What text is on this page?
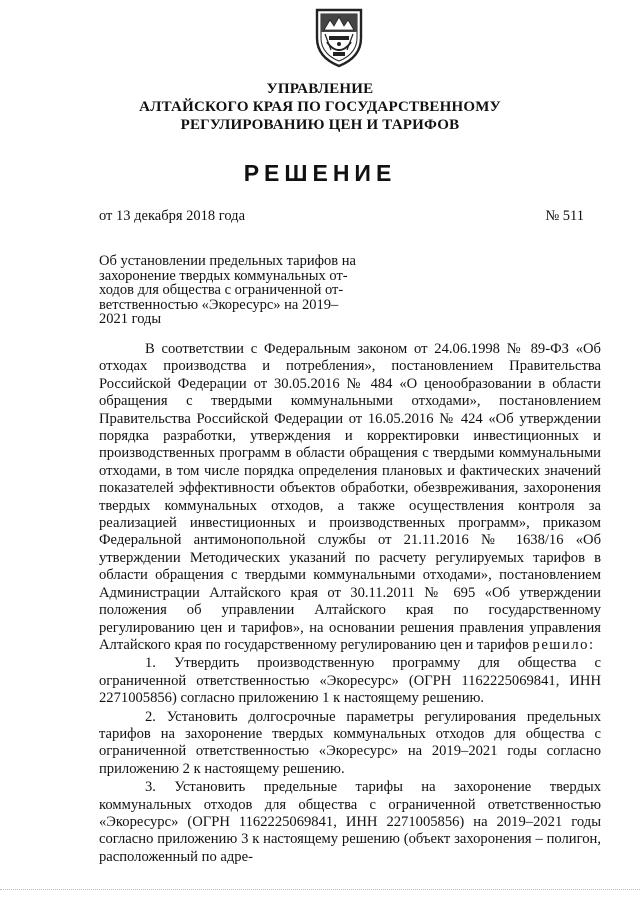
УПРАВЛЕНИЕ
АЛТАЙСКОГО КРАЯ ПО ГОСУДАРСТВЕННОМУ
РЕГУЛИРОВАНИЮ ЦЕН И ТАРИФОВ
РЕШЕНИЕ
от 13 декабря 2018 года	№ 511
Об установлении предельных тарифов на
захоронение твердых коммунальных от-
ходов для общества с ограниченной от-
ветственностью «Экоресурс» на 2019–
2021 годы

В соответствии с Федеральным законом от 24.06.1998 № 89-ФЗ «Об отходах производства и потребления», постановлением Правительства Российской Федерации от 30.05.2016 № 484 «О ценообразовании в области обращения с твердыми коммунальными отходами», постановлением Правительства Российской Федерации от 16.05.2016 № 424 «Об утверждении порядка разработки, утверждения и корректировки инвестиционных и производственных программ в области обращения с твердыми коммунальными отходами, в том числе порядка определения плановых и фактических значений показателей эффективности объектов обработки, обезвреживания, захоронения твердых коммунальных отходов, а также осуществления контроля за реализацией инвестиционных и производственных программ», приказом Федеральной антимонопольной службы от 21.11.2016 № 1638/16 «Об утверждении Методических указаний по расчету регулируемых тарифов в области обращения с твердыми коммунальными отходами», постановлением Администрации Алтайского края от 30.11.2011 № 695 «Об утверждении положения об управлении Алтайского края по государственному регулированию цен и тарифов», на основании решения правления управления Алтайского края по государственному регулированию цен и тарифов решило:

1. Утвердить производственную программу для общества с ограниченной ответственностью «Экоресурс» (ОГРН 1162225069841, ИНН 2271005856) согласно приложению 1 к настоящему решению.

2. Установить долгосрочные параметры регулирования предельных тарифов на захоронение твердых коммунальных отходов для общества с ограниченной ответственностью «Экоресурс» на 2019–2021 годы согласно приложению 2 к настоящему решению.

3. Установить предельные тарифы на захоронение твердых коммунальных отходов для общества с ограниченной ответственностью «Экоресурс» (ОГРН 1162225069841, ИНН 2271005856) на 2019–2021 годы согласно приложению 3 к настоящему решению (объект захоронения – полигон, расположенный по адре-
